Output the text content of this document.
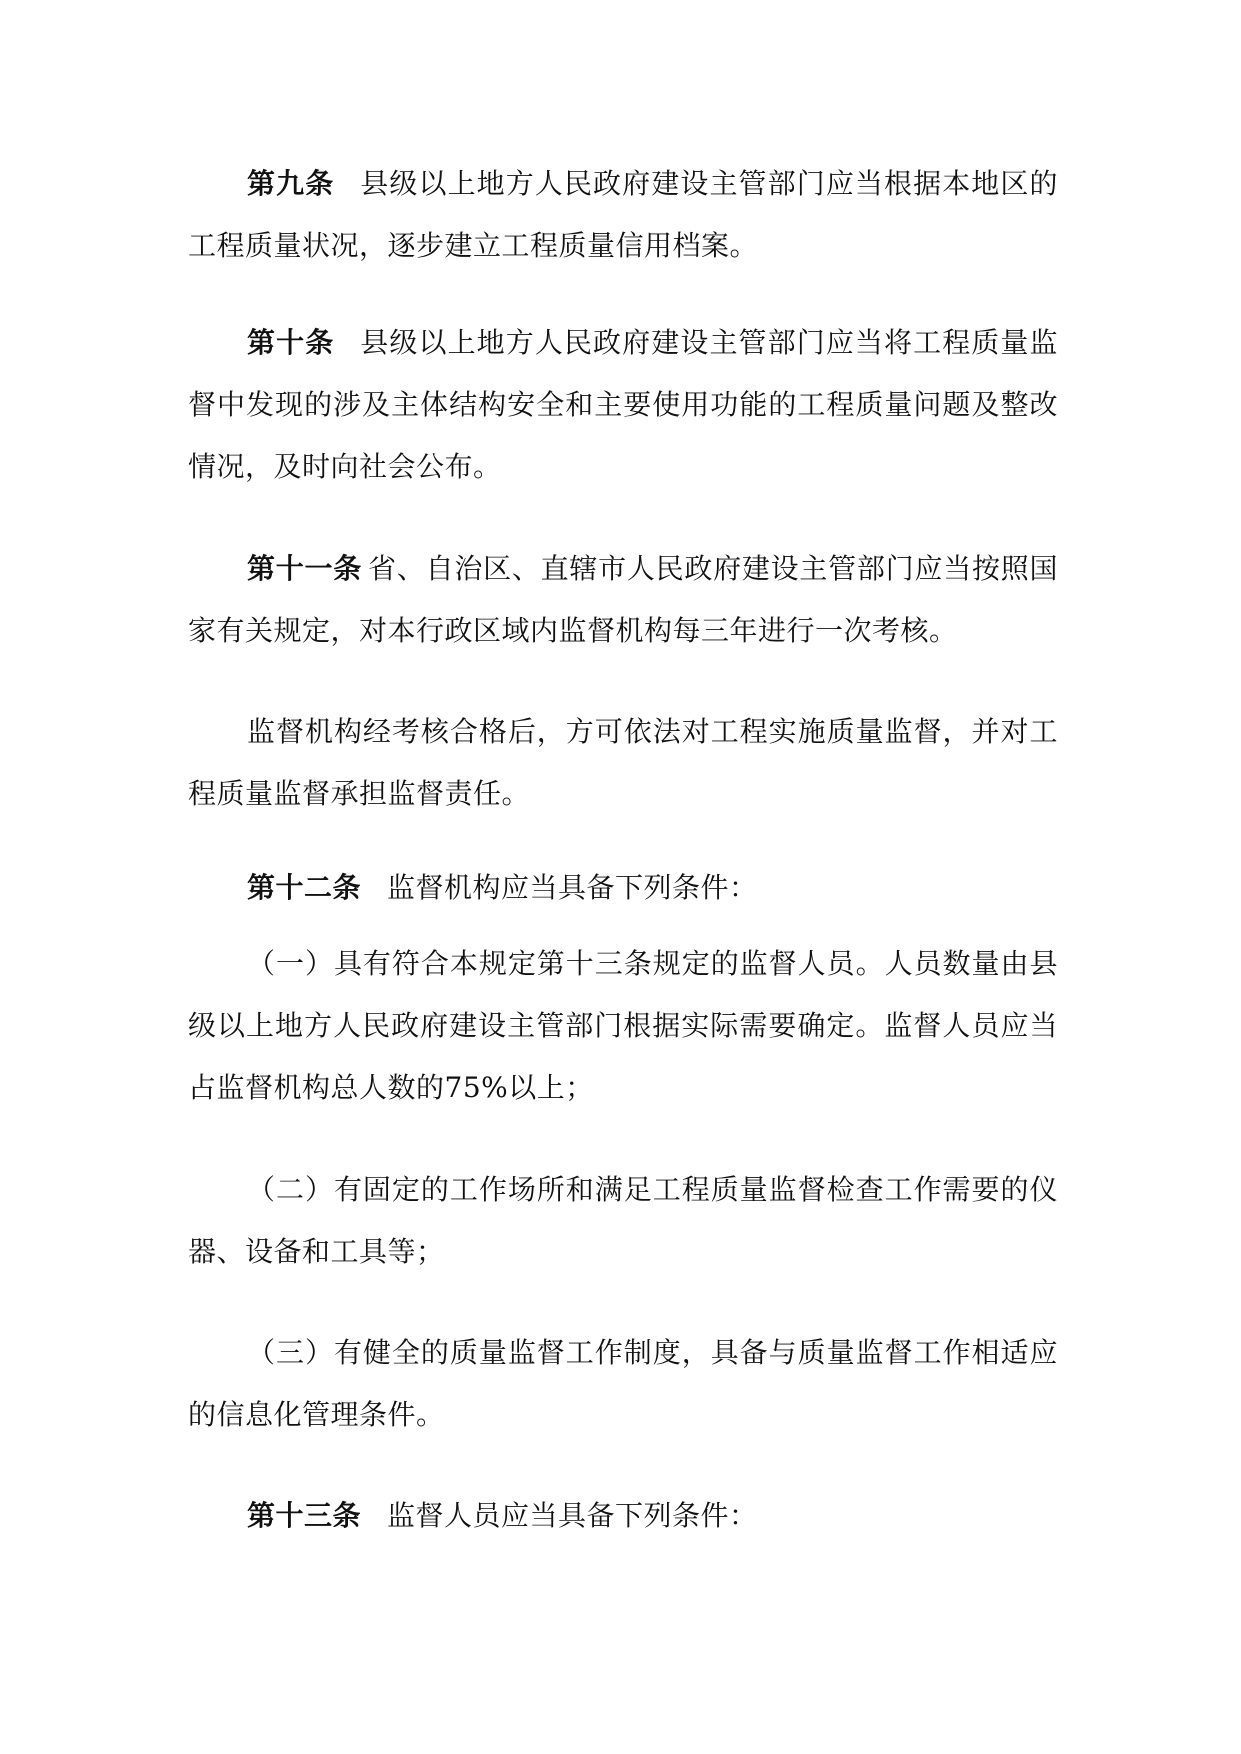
第九条 县级以上地方人民政府建设主管部门应当根据本地区的工程质量状况，逐步建立工程质量信用档案。

第十条 县级以上地方人民政府建设主管部门应当将工程质量监督中发现的涉及主体结构安全和主要使用功能的工程质量问题及整改情况，及时向社会公布。

第十一条 省、自治区、直辖市人民政府建设主管部门应当按照国家有关规定，对本行政区域内监督机构每三年进行一次考核。

监督机构经考核合格后，方可依法对工程实施质量监督，并对工程质量监督承担监督责任。

第十二条 监督机构应当具备下列条件：

（一）具有符合本规定第十三条规定的监督人员。人员数量由县级以上地方人民政府建设主管部门根据实际需要确定。监督人员应当占监督机构总人数的75%以上；

（二）有固定的工作场所和满足工程质量监督检查工作需要的仪器、设备和工具等；

（三）有健全的质量监督工作制度，具备与质量监督工作相适应的信息化管理条件。

第十三条 监督人员应当具备下列条件：
